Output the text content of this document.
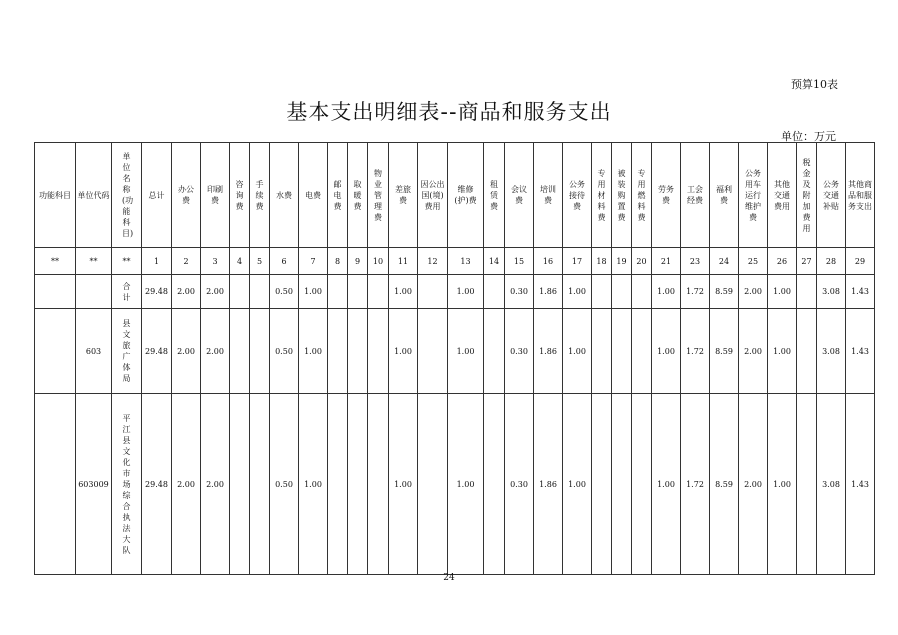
预算10表
基本支出明细表--商品和服务支出
单位：万元
功能科目	单位代码	单位名称(功能科目)	总计	办公费	印刷费	咨询费	手续费	水费	电费	邮电费	取暖费	物业管理费	差旅费	因公出国(境)费用	维修(护)费	租赁费	会议费	培训费	公务接待费	专用材料费	被装购置费	专用燃料费	劳务费	工会经费	福利费	公务用车运行维护费	其他交通费用	税金及附加费用	公务交通补贴	其他商品和服务支出
**	**	**	1	2	3	4	5	6	7	8	9	10	11	12	13	14	15	16	17	18	19	20	21	23	24	25	26	27	28	29
		合计	29.48	2.00	2.00			0.50	1.00				1.00		1.00		0.30	1.86	1.00				1.00	1.72	8.59	2.00	1.00		3.08	1.43
	603	县文旅广体局	29.48	2.00	2.00			0.50	1.00				1.00		1.00		0.30	1.86	1.00				1.00	1.72	8.59	2.00	1.00		3.08	1.43
	603009	平江县文化市场综合执法大队	29.48	2.00	2.00			0.50	1.00				1.00		1.00		0.30	1.86	1.00				1.00	1.72	8.59	2.00	1.00		3.08	1.43
24
